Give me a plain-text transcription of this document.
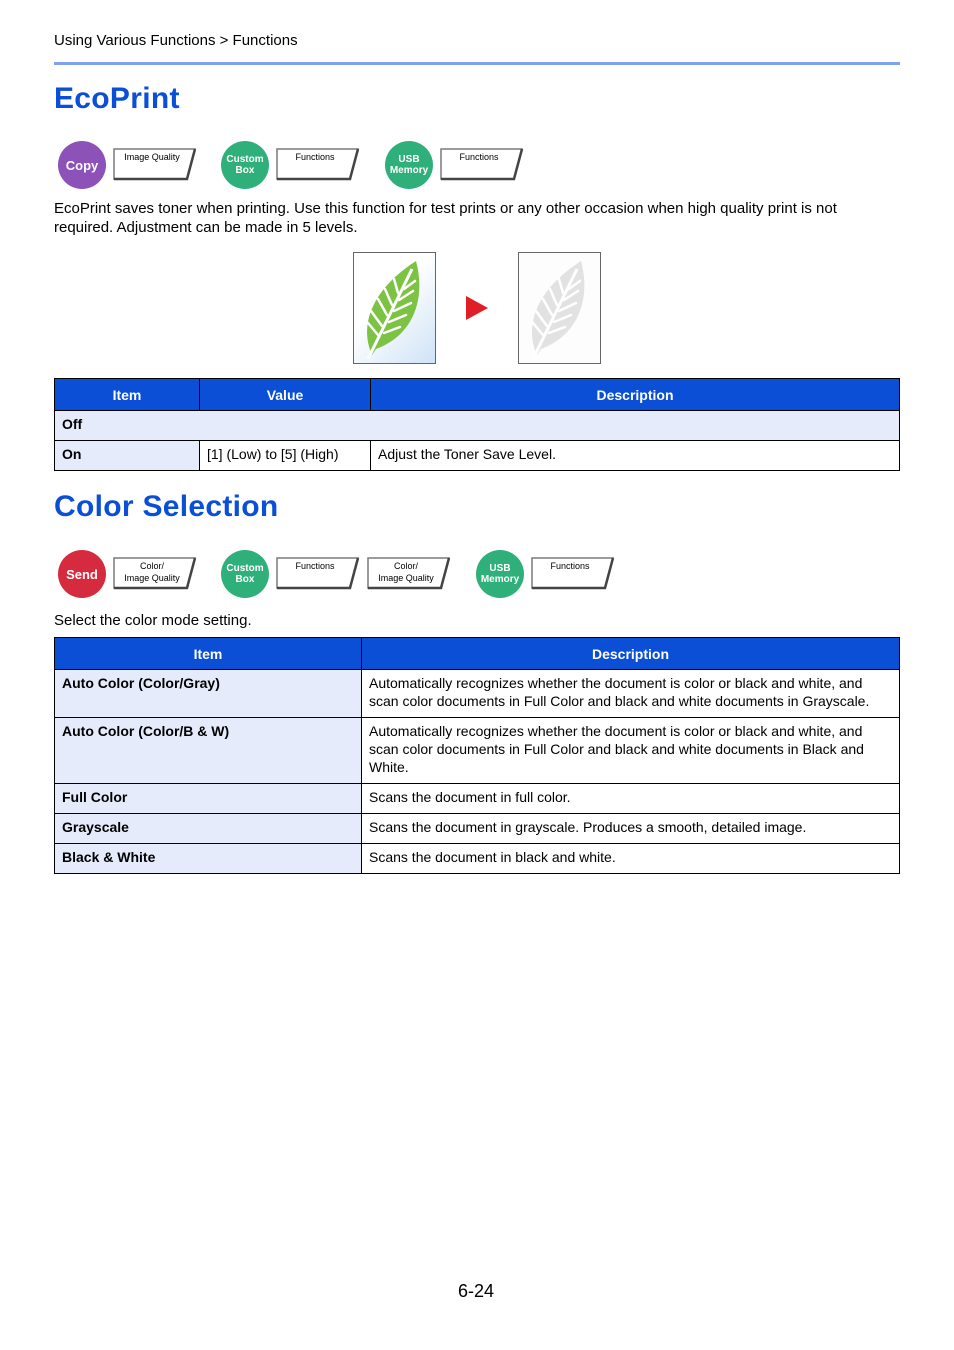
Using Various Functions > Functions
EcoPrint
Copy
Image Quality	Custom
Box
Functions	USB
Memory
Functions

EcoPrint saves toner when printing. Use this function for test prints or any other occasion when high quality print is not required. Adjustment can be made in 5 levels.

Item	Value	Description
Off		
On	[1] (Low) to [5] (High)	Adjust the Toner Save Level.
Color Selection
Send
Color/
Image Quality
Custom
Box
Functions	Color/
Image Quality
USB
Memory
Functions

Select the color mode setting.

Item	Description
Auto Color (Color/Gray)	Automatically recognizes whether the document is color or black and white, and scan color documents in Full Color and black and white documents in Grayscale.
Auto Color (Color/B & W)	Automatically recognizes whether the document is color or black and white, and scan color documents in Full Color and black and white documents in Black and White.
Full Color	Scans the document in full color.
Grayscale	Scans the document in grayscale. Produces a smooth, detailed image.
Black & White	Scans the document in black and white.
6-24
